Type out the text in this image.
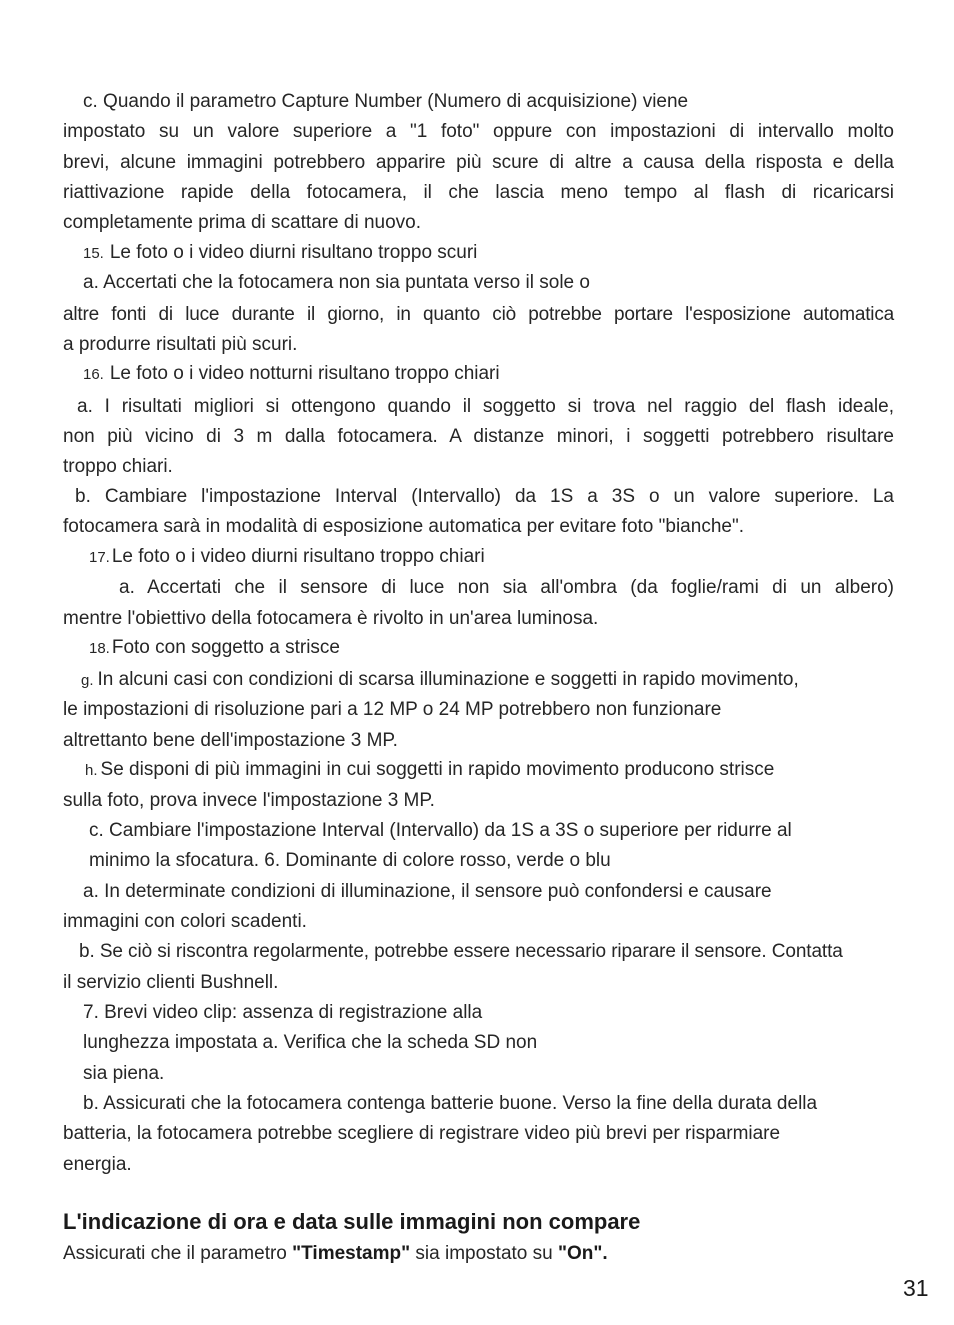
c. Quando il parametro Capture Number (Numero di acquisizione) viene
impostato su un valore superiore a "1 foto" oppure con impostazioni di intervallo molto
brevi, alcune immagini potrebbero apparire più scure di altre a causa della risposta e della
riattivazione rapide della fotocamera, il che lascia meno tempo al flash di ricaricarsi
completamente prima di scattare di nuovo.
15. Le foto o i video diurni risultano troppo scuri
a. Accertati che la fotocamera non sia puntata verso il sole o
altre fonti di luce durante il giorno, in quanto ciò potrebbe portare l'esposizione automatica
a produrre risultati più scuri.
16. Le foto o i video notturni risultano troppo chiari
a. I risultati migliori si ottengono quando il soggetto si trova nel raggio del flash ideale,
non più vicino di 3 m dalla fotocamera. A distanze minori, i soggetti potrebbero risultare
troppo chiari.
b. Cambiare l'impostazione Interval (Intervallo) da 1S a 3S o un valore superiore. La
fotocamera sarà in modalità di esposizione automatica per evitare foto "bianche".
17. Le foto o i video diurni risultano troppo chiari
a. Accertati che il sensore di luce non sia all'ombra (da foglie/rami di un albero)
mentre l'obiettivo della fotocamera è rivolto in un'area luminosa.
18. Foto con soggetto a strisce
g. In alcuni casi con condizioni di scarsa illuminazione e soggetti in rapido movimento,
le impostazioni di risoluzione pari a 12 MP o 24 MP potrebbero non funzionare
altrettanto bene dell'impostazione 3 MP.
h. Se disponi di più immagini in cui soggetti in rapido movimento producono strisce
sulla foto, prova invece l'impostazione 3 MP.
c. Cambiare l'impostazione Interval (Intervallo) da 1S a 3S o superiore per ridurre al
minimo la sfocatura. 6. Dominante di colore rosso, verde o blu
a. In determinate condizioni di illuminazione, il sensore può confondersi e causare
immagini con colori scadenti.
b. Se ciò si riscontra regolarmente, potrebbe essere necessario riparare il sensore. Contatta
il servizio clienti Bushnell.
7. Brevi video clip: assenza di registrazione alla
lunghezza impostata a. Verifica che la scheda SD non
sia piena.
b. Assicurati che la fotocamera contenga batterie buone. Verso la fine della durata della
batteria, la fotocamera potrebbe scegliere di registrare video più brevi per risparmiare
energia.
L'indicazione di ora e data sulle immagini non compare
Assicurati che il parametro "Timestamp" sia impostato su "On".
31
